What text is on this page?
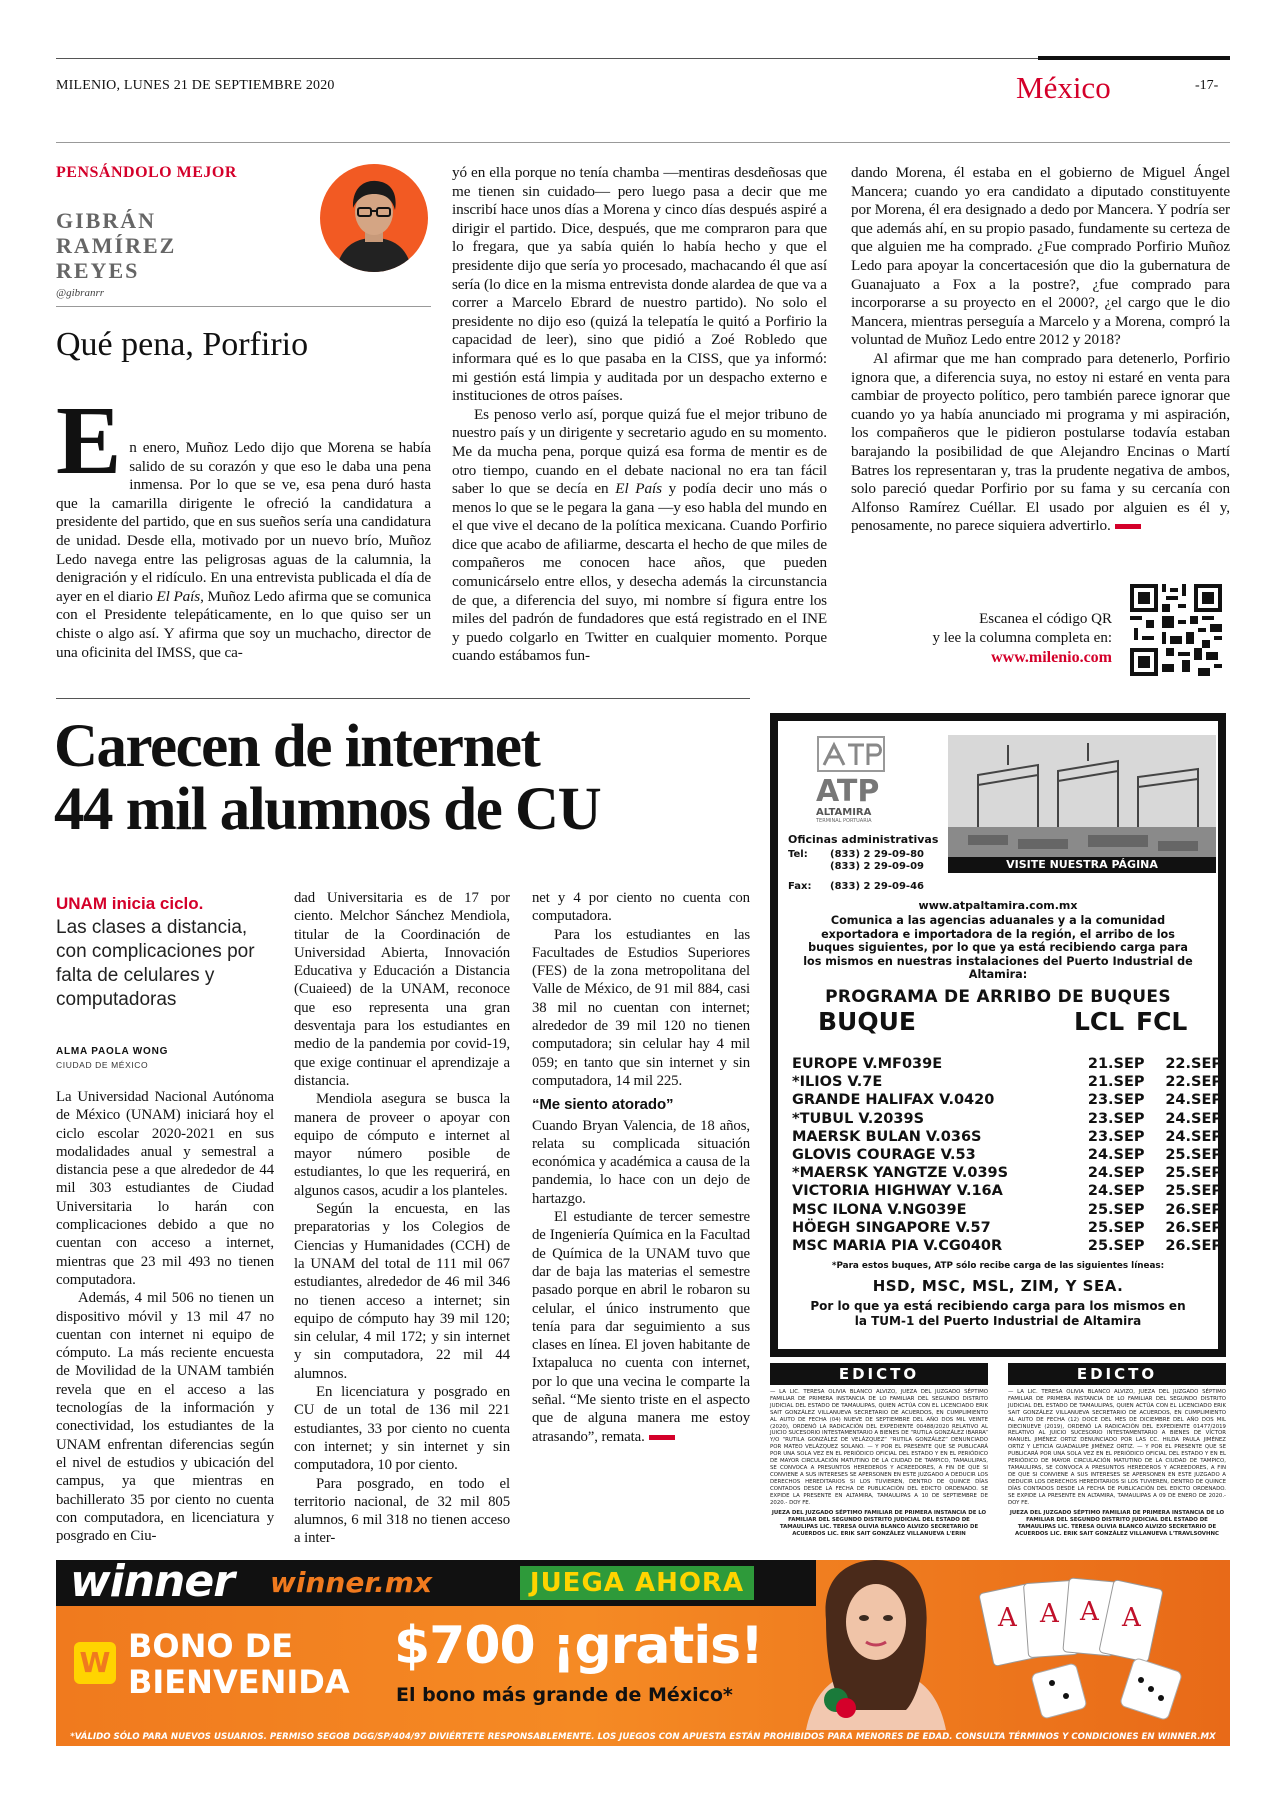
MILENIO, LUNES 21 DE SEPTIEMBRE 2020	México	-17-
PENSÁNDOLO MEJOR
GIBRÁN
RAMÍREZ
REYES
@gibranrr
Qué pena, Porfirio
E n enero, Muñoz Ledo dijo que Morena se había salido de su corazón y que eso le daba una pena inmensa. Por lo que se ve, esa pena duró hasta que la camarilla dirigente le ofreció la candidatura a presidente del partido, que en sus sueños sería una candidatura de unidad. Desde ella, motivado por un nuevo brío, Muñoz Ledo navega entre las peligrosas aguas de la calumnia, la denigración y el ridículo. En una entrevista publicada el día de ayer en el diario El País, Muñoz Ledo afirma que se comunica con el Presidente telepáticamente, en lo que quiso ser un chiste o algo así. Y afirma que soy un muchacho, director de una oficinita del IMSS, que ca-

yó en ella porque no tenía chamba —mentiras desdeñosas que me tienen sin cuidado— pero luego pasa a decir que me inscribí hace unos días a Morena y cinco días después aspiré a dirigir el partido. Dice, después, que me compraron para que lo fregara, que ya sabía quién lo había hecho y que el presidente dijo que sería yo procesado, machacando él que así sería (lo dice en la misma entrevista donde alardea de que va a correr a Marcelo Ebrard de nuestro partido). No solo el presidente no dijo eso (quizá la telepatía le quitó a Porfirio la capacidad de leer), sino que pidió a Zoé Robledo que informara qué es lo que pasaba en la CISS, que ya informó: mi gestión está limpia y auditada por un despacho externo e instituciones de otros países.

Es penoso verlo así, porque quizá fue el mejor tribuno de nuestro país y un dirigente y secretario agudo en su momento. Me da mucha pena, porque quizá esa forma de mentir es de otro tiempo, cuando en el debate nacional no era tan fácil saber lo que se decía en El País y podía decir uno más o menos lo que se le pegara la gana —y eso habla del mundo en el que vive el decano de la política mexicana. Cuando Porfirio dice que acabo de afiliarme, descarta el hecho de que miles de compañeros me conocen hace años, que pueden comunicárselo entre ellos, y desecha además la circunstancia de que, a diferencia del suyo, mi nombre sí figura entre los miles del padrón de fundadores que está registrado en el INE y puedo colgarlo en Twitter en cualquier momento. Porque cuando estábamos fun-

dando Morena, él estaba en el gobierno de Miguel Ángel Mancera; cuando yo era candidato a diputado constituyente por Morena, él era designado a dedo por Mancera. Y podría ser que además ahí, en su propio pasado, fundamente su certeza de que alguien me ha comprado. ¿Fue comprado Porfirio Muñoz Ledo para apoyar la concertacesión que dio la gubernatura de Guanajuato a Fox a la postre?, ¿fue comprado para incorporarse a su proyecto en el 2000?, ¿el cargo que le dio Mancera, mientras perseguía a Marcelo y a Morena, compró la voluntad de Muñoz Ledo entre 2012 y 2018?

Al afirmar que me han comprado para detenerlo, Porfirio ignora que, a diferencia suya, no estoy ni estaré en venta para cambiar de proyecto político, pero también parece ignorar que cuando yo ya había anunciado mi programa y mi aspiración, los compañeros que le pidieron postularse todavía estaban barajando la posibilidad de que Alejandro Encinas o Martí Batres los representaran y, tras la prudente negativa de ambos, solo pareció quedar Porfirio por su fama y su cercanía con Alfonso Ramírez Cuéllar. El usado por alguien es él y, penosamente, no parece siquiera advertirlo.

Escanea el código QR
y lee la columna completa en:
www.milenio.com
Carecen de internet
44 mil alumnos de CU
UNAM inicia ciclo.
Las clases a distancia, con complicaciones por falta de celulares y computadoras
ALMA PAOLA WONG
CIUDAD DE MÉXICO

La Universidad Nacional Autónoma de México (UNAM) iniciará hoy el ciclo escolar 2020-2021 en sus modalidades anual y semestral a distancia pese a que alrededor de 44 mil 303 estudiantes de Ciudad Universitaria lo harán con complicaciones debido a que no cuentan con acceso a internet, mientras que 23 mil 493 no tienen computadora.

Además, 4 mil 506 no tienen un dispositivo móvil y 13 mil 47 no cuentan con internet ni equipo de cómputo. La más reciente encuesta de Movilidad de la UNAM también revela que en el acceso a las tecnologías de la información y conectividad, los estudiantes de la UNAM enfrentan diferencias según el nivel de estudios y ubicación del campus, ya que mientras en bachillerato 35 por ciento no cuenta con computadora, en licenciatura y posgrado en Ciu-

dad Universitaria es de 17 por ciento. Melchor Sánchez Mendiola, titular de la Coordinación de Universidad Abierta, Innovación Educativa y Educación a Distancia (Cuaieed) de la UNAM, reconoce que eso representa una gran desventaja para los estudiantes en medio de la pandemia por covid-19, que exige continuar el aprendizaje a distancia.

Mendiola asegura se busca la manera de proveer o apoyar con equipo de cómputo e internet al mayor número posible de estudiantes, lo que les requerirá, en algunos casos, acudir a los planteles.

Según la encuesta, en las preparatorias y los Colegios de Ciencias y Humanidades (CCH) de la UNAM del total de 111 mil 067 estudiantes, alrededor de 46 mil 346 no tienen acceso a internet; sin equipo de cómputo hay 39 mil 120; sin celular, 4 mil 172; y sin internet y sin computadora, 22 mil 44 alumnos.

En licenciatura y posgrado en CU de un total de 136 mil 221 estudiantes, 33 por ciento no cuenta con internet; y sin internet y sin computadora, 10 por ciento.

Para posgrado, en todo el territorio nacional, de 32 mil 805 alumnos, 6 mil 318 no tienen acceso a inter-

net y 4 por ciento no cuenta con computadora.

Para los estudiantes en las Facultades de Estudios Superiores (FES) de la zona metropolitana del Valle de México, de 91 mil 884, casi 38 mil no cuentan con internet; alrededor de 39 mil 120 no tienen computadora; sin celular hay 4 mil 059; en tanto que sin internet y sin computadora, 14 mil 225.

“Me siento atorado”

Cuando Bryan Valencia, de 18 años, relata su complicada situación económica y académica a causa de la pandemia, lo hace con un dejo de hartazgo.

El estudiante de tercer semestre de Ingeniería Química en la Facultad de Química de la UNAM tuvo que dar de baja las materias el semestre pasado porque en abril le robaron su celular, el único instrumento que tenía para dar seguimiento a sus clases en línea. El joven habitante de Ixtapaluca no cuenta con internet, por lo que una vecina le comparte la señal. “Me siento triste en el aspecto que de alguna manera me estoy atrasando”, remata.

ATP
ALTAMIRA
TERMINAL PORTUARIA
Oficinas administrativas
Tel: (833) 2 29-09-80
(833) 2 29-09-09
Fax: (833) 2 29-09-46
VISITE NUESTRA PÁGINA
www.atpaltamira.com.mx
Comunica a las agencias aduanales y a la comunidad exportadora e importadora de la región, el arribo de los buques siguientes, por lo que ya está recibiendo carga para los mismos en nuestras instalaciones del Puerto Industrial de Altamira:
PROGRAMA DE ARRIBO DE BUQUES
BUQUE	LCL FCL
EUROPE V.MF039E	21.SEP	22.SEP
*ILIOS V.7E	21.SEP	22.SEP
GRANDE HALIFAX V.0420	23.SEP	24.SEP
*TUBUL V.2039S	23.SEP	24.SEP
MAERSK BULAN V.036S	23.SEP	24.SEP
GLOVIS COURAGE V.53	24.SEP	25.SEP
*MAERSK YANGTZE V.039S	24.SEP	25.SEP
VICTORIA HIGHWAY V.16A	24.SEP	25.SEP
MSC ILONA V.NG039E	25.SEP	26.SEP
HÖEGH SINGAPORE V.57	25.SEP	26.SEP
MSC MARIA PIA V.CG040R	25.SEP	26.SEP
*Para estos buques, ATP sólo recibe carga de las siguientes líneas:
HSD, MSC, MSL, ZIM, Y SEA.
Por lo que ya está recibiendo carga para los mismos en la TUM-1 del Puerto Industrial de Altamira
EDICTO
— LA LIC. TERESA OLIVIA BLANCO ALVIZO, JUEZA DEL JUZGADO SÉPTIMO FAMILIAR DE PRIMERA INSTANCIA DE LO FAMILIAR DEL SEGUNDO DISTRITO JUDICIAL DEL ESTADO DE TAMAULIPAS, QUIEN ACTÚA CON EL LICENCIADO ERIK SAIT GONZÁLEZ VILLANUEVA SECRETARIO DE ACUERDOS, EN CUMPLIMIENTO AL AUTO DE FECHA (04) NUEVE DE SEPTIEMBRE DEL AÑO DOS MIL VEINTE (2020), ORDENÓ LA RADICACIÓN DEL EXPEDIENTE 00488/2020 RELATIVO AL JUICIO SUCESORIO INTESTAMENTARIO A BIENES DE “RUTILA GONZÁLEZ IBARRA” Y/O “RUTILA GONZÁLEZ DE VELÁZQUEZ” “RUTILA GONZÁLEZ” DENUNCIADO POR MATEO VELÁZQUEZ SOLANO. — Y POR EL PRESENTE QUE SE PUBLICARÁ POR UNA SOLA VEZ EN EL PERIÓDICO OFICIAL DEL ESTADO Y EN EL PERIÓDICO DE MAYOR CIRCULACIÓN MATUTINO DE LA CIUDAD DE TAMPICO, TAMAULIPAS, SE CONVOCA A PRESUNTOS HEREDEROS Y ACREEDORES, A FIN DE QUE SI CONVIENE A SUS INTERESES SE APERSONEN EN ESTE JUZGADO A DEDUCIR LOS DERECHOS HEREDITARIOS SI LOS TUVIEREN, DENTRO DE QUINCE DÍAS CONTADOS DESDE LA FECHA DE PUBLICACIÓN DEL EDICTO ORDENADO. SE EXPIDE LA PRESENTE EN ALTAMIRA, TAMAULIPAS A 10 DE SEPTIEMBRE DE 2020.- DOY FE.
JUEZA DEL JUZGADO SÉPTIMO FAMILIAR DE PRIMERA INSTANCIA DE LO FAMILIAR DEL SEGUNDO DISTRITO JUDICIAL DEL ESTADO DE TAMAULIPAS LIC. TERESA OLIVIA BLANCO ALVIZO SECRETARIO DE ACUERDOS LIC. ERIK SAIT GONZÁLEZ VILLANUEVA L'ERIN
EDICTO
— LA LIC. TERESA OLIVIA BLANCO ALVIZO, JUEZA DEL JUZGADO SÉPTIMO FAMILIAR DE PRIMERA INSTANCIA DE LO FAMILIAR DEL SEGUNDO DISTRITO JUDICIAL DEL ESTADO DE TAMAULIPAS, QUIEN ACTÚA CON EL LICENCIADO ERIK SAIT GONZÁLEZ VILLANUEVA SECRETARIO DE ACUERDOS, EN CUMPLIMIENTO AL AUTO DE FECHA (12) DOCE DEL MES DE DICIEMBRE DEL AÑO DOS MIL DIECINUEVE (2019), ORDENÓ LA RADICACIÓN DEL EXPEDIENTE 01477/2019 RELATIVO AL JUICIO SUCESORIO INTESTAMENTARIO A BIENES DE VÍCTOR MANUEL JIMÉNEZ ORTIZ DENUNCIADO POR LAS CC. HILDA PAULA JIMÉNEZ ORTIZ Y LETICIA GUADALUPE JIMÉNEZ ORTIZ. — Y POR EL PRESENTE QUE SE PUBLICARÁ POR UNA SOLA VEZ EN EL PERIÓDICO OFICIAL DEL ESTADO Y EN EL PERIÓDICO DE MAYOR CIRCULACIÓN MATUTINO DE LA CIUDAD DE TAMPICO, TAMAULIPAS, SE CONVOCA A PRESUNTOS HEREDEROS Y ACREEDORES, A FIN DE QUE SI CONVIENE A SUS INTERESES SE APERSONEN EN ESTE JUZGADO A DEDUCIR LOS DERECHOS HEREDITARIOS SI LOS TUVIEREN, DENTRO DE QUINCE DÍAS CONTADOS DESDE LA FECHA DE PUBLICACIÓN DEL EDICTO ORDENADO. SE EXPIDE LA PRESENTE EN ALTAMIRA, TAMAULIPAS A 09 DE ENERO DE 2020.- DOY FE.
JUEZA DEL JUZGADO SÉPTIMO FAMILIAR DE PRIMERA INSTANCIA DE LO FAMILIAR DEL SEGUNDO DISTRITO JUDICIAL DEL ESTADO DE TAMAULIPAS LIC. TERESA OLIVIA BLANCO ALVIZO SECRETARIO DE ACUERDOS LIC. ERIK SAIT GONZÁLEZ VILLANUEVA L'TRAVLSOVHNC
winner winner.mx	JUEGA AHORA
W BONO DE
BIENVENIDA
$700 ¡gratis!
El bono más grande de México*
A A A A
*VÁLIDO SÓLO PARA NUEVOS USUARIOS. PERMISO SEGOB DGG/SP/404/97 DIVIÉRTETE RESPONSABLEMENTE. LOS JUEGOS CON APUESTA ESTÁN PROHIBIDOS PARA MENORES DE EDAD. CONSULTA TÉRMINOS Y CONDICIONES EN WINNER.MX
